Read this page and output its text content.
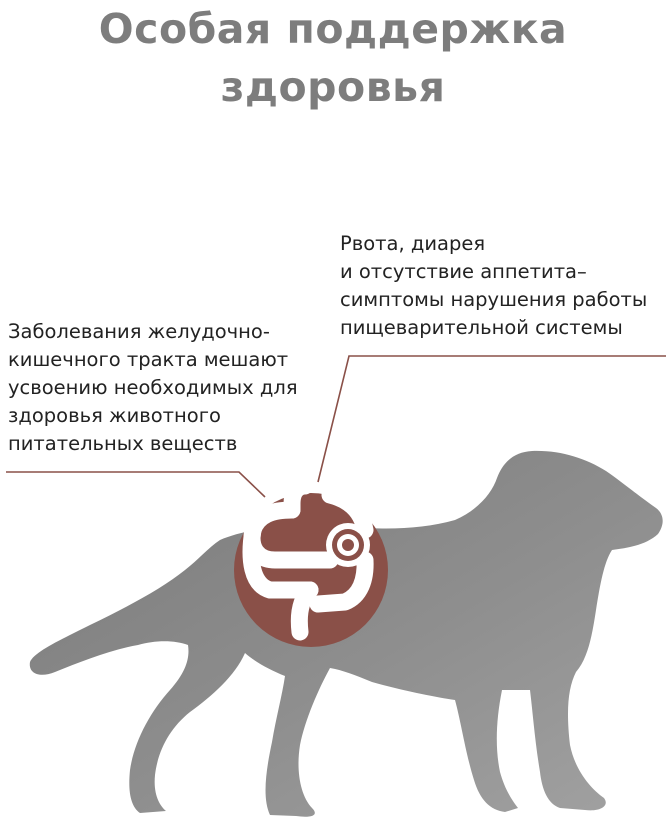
Особая поддержка
здоровья
Рвота, диарея
и отсутствие аппетита–
симптомы нарушения работы
пищеварительной системы
Заболевания желудочно-
кишечного тракта мешают
усвоению необходимых для
здоровья животного
питательных веществ
